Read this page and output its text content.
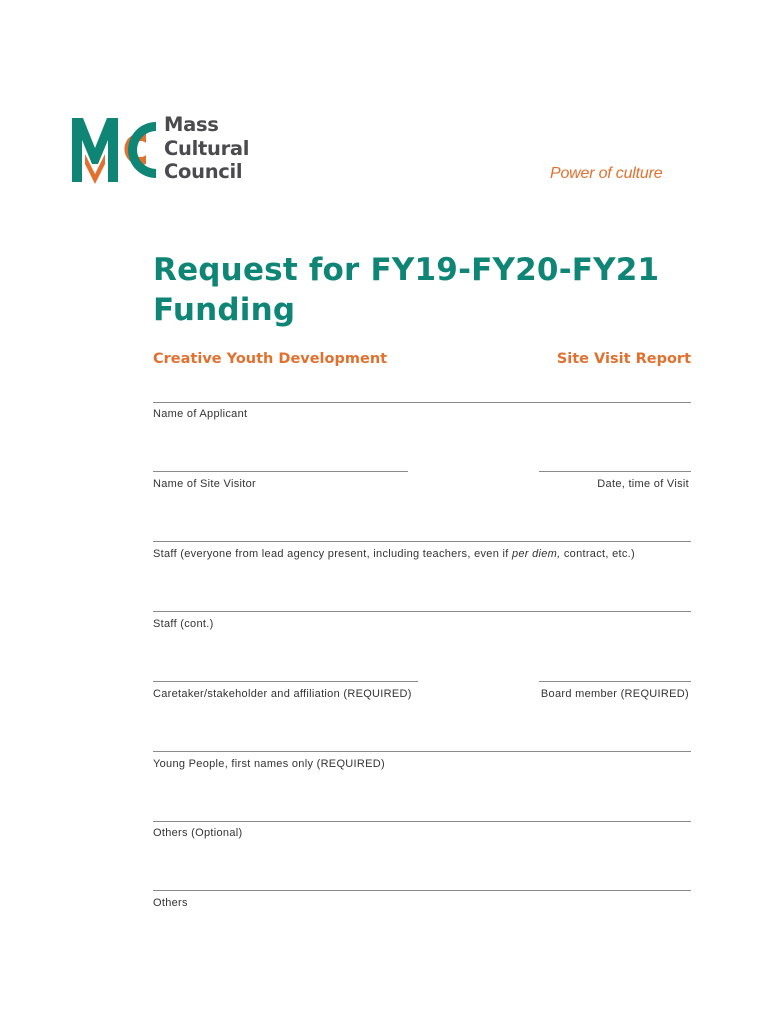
Mass
Cultural
Council	Power of culture
Request for FY19-FY20-FY21
Funding
Creative Youth Development	Site Visit Report
Name of Applicant
Name of Site Visitor	Date, time of Visit
Staff (everyone from lead agency present, including teachers, even if per diem, contract, etc.)
Staff (cont.)
Caretaker/stakeholder and affiliation (REQUIRED)	Board member (REQUIRED)
Young People, first names only (REQUIRED)
Others (Optional)
Others
